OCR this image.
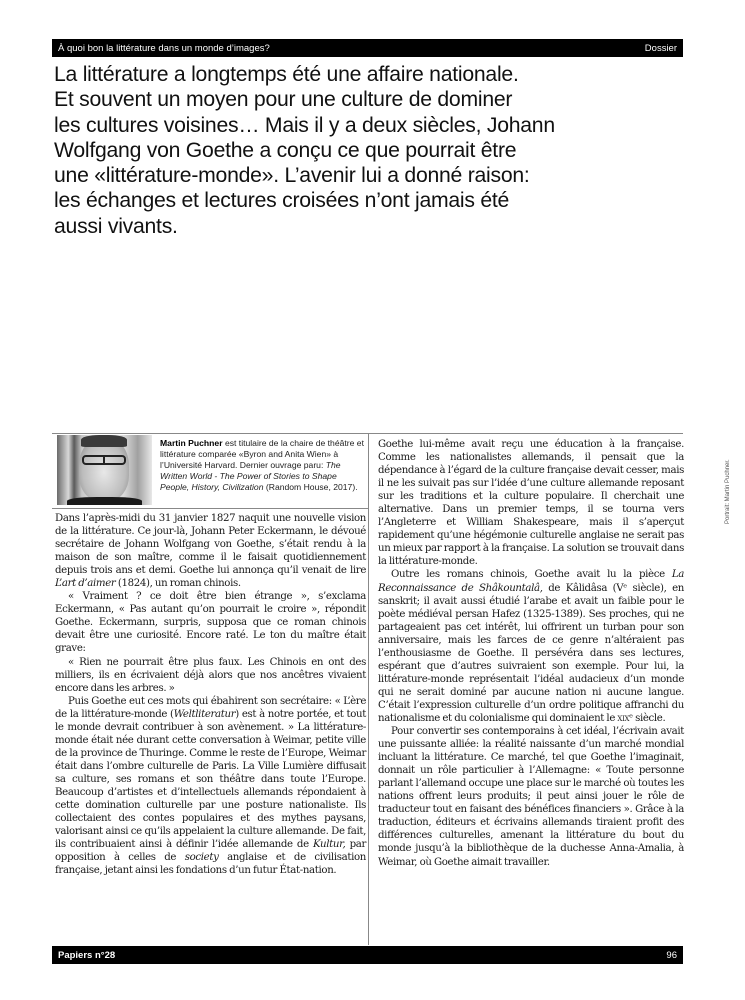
À quoi bon la littérature dans un monde d’images?	Dossier
La littérature a longtemps été une affaire nationale.
Et souvent un moyen pour une culture de dominer
les cultures voisines… Mais il y a deux siècles, Johann
Wolfgang von Goethe a conçu ce que pourrait être
une «littérature-monde». L’avenir lui a donné raison:
les échanges et lectures croisées n’ont jamais été
aussi vivants.
Martin Puchner est titulaire de la chaire de théâtre et littérature comparée «Byron and Anita Wien» à l’Université Harvard. Dernier ouvrage paru: The Written World - The Power of Stories to Shape People, History, Civilization (Random House, 2017).	Portrait: Martin Puchner.

Dans l’après-midi du 31 janvier 1827 naquit une nouvelle vision de la littérature. Ce jour-là, Johann Peter Eckermann, le dévoué secrétaire de Johann Wolfgang von Goethe, s’était rendu à la maison de son maître, comme il le faisait quotidiennement depuis trois ans et demi. Goethe lui annonça qu’il venait de lire L’art d’aimer (1824), un roman chinois.

« Vraiment ? ce doit être bien étrange », s’exclama Eckermann, « Pas autant qu’on pourrait le croire », répondit Goethe. Eckermann, surpris, supposa que ce roman chinois devait être une curiosité. Encore raté. Le ton du maître était grave:

« Rien ne pourrait être plus faux. Les Chinois en ont des milliers, ils en écrivaient déjà alors que nos ancêtres vivaient encore dans les arbres. »

Puis Goethe eut ces mots qui ébahirent son secrétaire: « L’ère de la littérature-monde (Weltliteratur) est à notre portée, et tout le monde devrait contribuer à son avènement. » La littérature-monde était née durant cette conversation à Weimar, petite ville de la province de Thuringe. Comme le reste de l’Europe, Weimar était dans l’ombre culturelle de Paris. La Ville Lumière diffusait sa culture, ses romans et son théâtre dans toute l’Europe. Beaucoup d’artistes et d’intellectuels allemands répondaient à cette domination culturelle par une posture nationaliste. Ils collectaient des contes populaires et des mythes paysans, valorisant ainsi ce qu’ils appelaient la culture allemande. De fait, ils contribuaient ainsi à définir l’idée allemande de Kultur, par opposition à celles de society anglaise et de civilisation française, jetant ainsi les fondations d’un futur État-nation.

Goethe lui-même avait reçu une éducation à la française. Comme les nationalistes allemands, il pensait que la dépendance à l’égard de la culture française devait cesser, mais il ne les suivait pas sur l’idée d’une culture allemande reposant sur les traditions et la culture populaire. Il cherchait une alternative. Dans un premier temps, il se tourna vers l’Angleterre et William Shakespeare, mais il s’aperçut rapidement qu’une hégémonie culturelle anglaise ne serait pas un mieux par rapport à la française. La solution se trouvait dans la littérature-monde.

Outre les romans chinois, Goethe avait lu la pièce La Reconnaissance de Shâkountalâ, de Kâlidâsa (Vᵉ siècle), en sanskrit; il avait aussi étudié l’arabe et avait un faible pour le poète médiéval persan Hafez (1325-1389). Ses proches, qui ne partageaient pas cet intérêt, lui offrirent un turban pour son anniversaire, mais les farces de ce genre n’altéraient pas l’enthousiasme de Goethe. Il persévéra dans ses lectures, espérant que d’autres suivraient son exemple. Pour lui, la littérature-monde représentait l’idéal audacieux d’un monde qui ne serait dominé par aucune nation ni aucune langue. C’était l’expression culturelle d’un ordre politique affranchi du nationalisme et du colonialisme qui dominaient le xixᵉ siècle.

Pour convertir ses contemporains à cet idéal, l’écrivain avait une puissante alliée: la réalité naissante d’un marché mondial incluant la littérature. Ce marché, tel que Goethe l’imaginait, donnait un rôle particulier à l’Allemagne: « Toute personne parlant l’allemand occupe une place sur le marché où toutes les nations offrent leurs produits; il peut ainsi jouer le rôle de traducteur tout en faisant des bénéfices financiers ». Grâce à la traduction, éditeurs et écrivains allemands tiraient profit des différences culturelles, amenant la littérature du bout du monde jusqu’à la bibliothèque de la duchesse Anna-Amalia, à Weimar, où Goethe aimait travailler.

Papiers n°28	96
